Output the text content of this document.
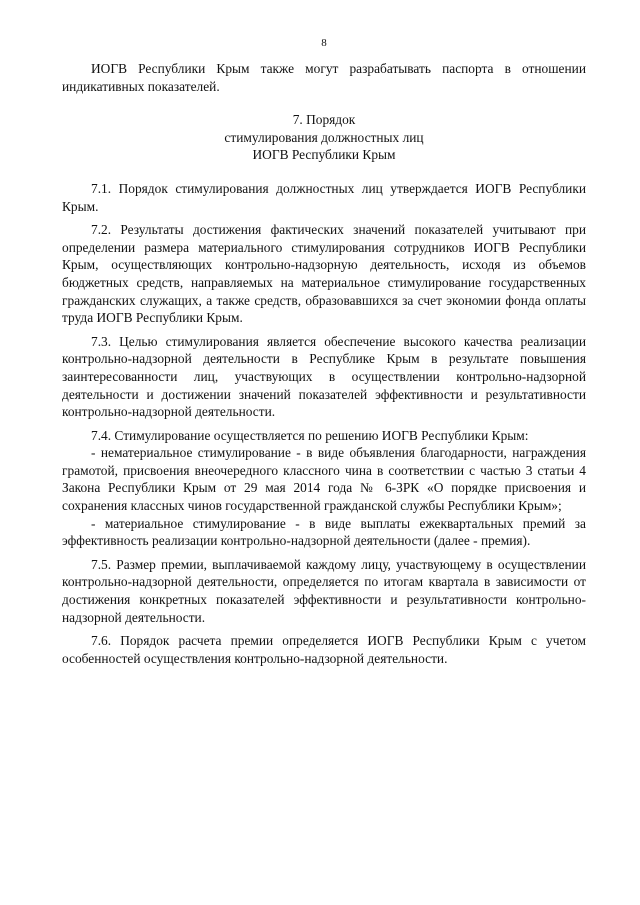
8

ИОГВ Республики Крым также могут разрабатывать паспорта в отношении индикативных показателей.

7. Порядок
стимулирования должностных лиц
ИОГВ Республики Крым

7.1. Порядок стимулирования должностных лиц утверждается ИОГВ Республики Крым.

7.2. Результаты достижения фактических значений показателей учитывают при определении размера материального стимулирования сотрудников ИОГВ Республики Крым, осуществляющих контрольно-надзорную деятельность, исходя из объемов бюджетных средств, направляемых на материальное стимулирование государственных гражданских служащих, а также средств, образовавшихся за счет экономии фонда оплаты труда ИОГВ Республики Крым.

7.3. Целью стимулирования является обеспечение высокого качества реализации контрольно-надзорной деятельности в Республике Крым в результате повышения заинтересованности лиц, участвующих в осуществлении контрольно-надзорной деятельности и достижении значений показателей эффективности и результативности контрольно-надзорной деятельности.

7.4. Стимулирование осуществляется по решению ИОГВ Республики Крым:

- нематериальное стимулирование - в виде объявления благодарности, награждения грамотой, присвоения внеочередного классного чина в соответствии с частью 3 статьи 4 Закона Республики Крым от 29 мая 2014 года № 6-ЗРК «О порядке присвоения и сохранения классных чинов государственной гражданской службы Республики Крым»;

- материальное стимулирование - в виде выплаты ежеквартальных премий за эффективность реализации контрольно-надзорной деятельности (далее - премия).

7.5. Размер премии, выплачиваемой каждому лицу, участвующему в осуществлении контрольно-надзорной деятельности, определяется по итогам квартала в зависимости от достижения конкретных показателей эффективности и результативности контрольно-надзорной деятельности.

7.6. Порядок расчета премии определяется ИОГВ Республики Крым с учетом особенностей осуществления контрольно-надзорной деятельности.
